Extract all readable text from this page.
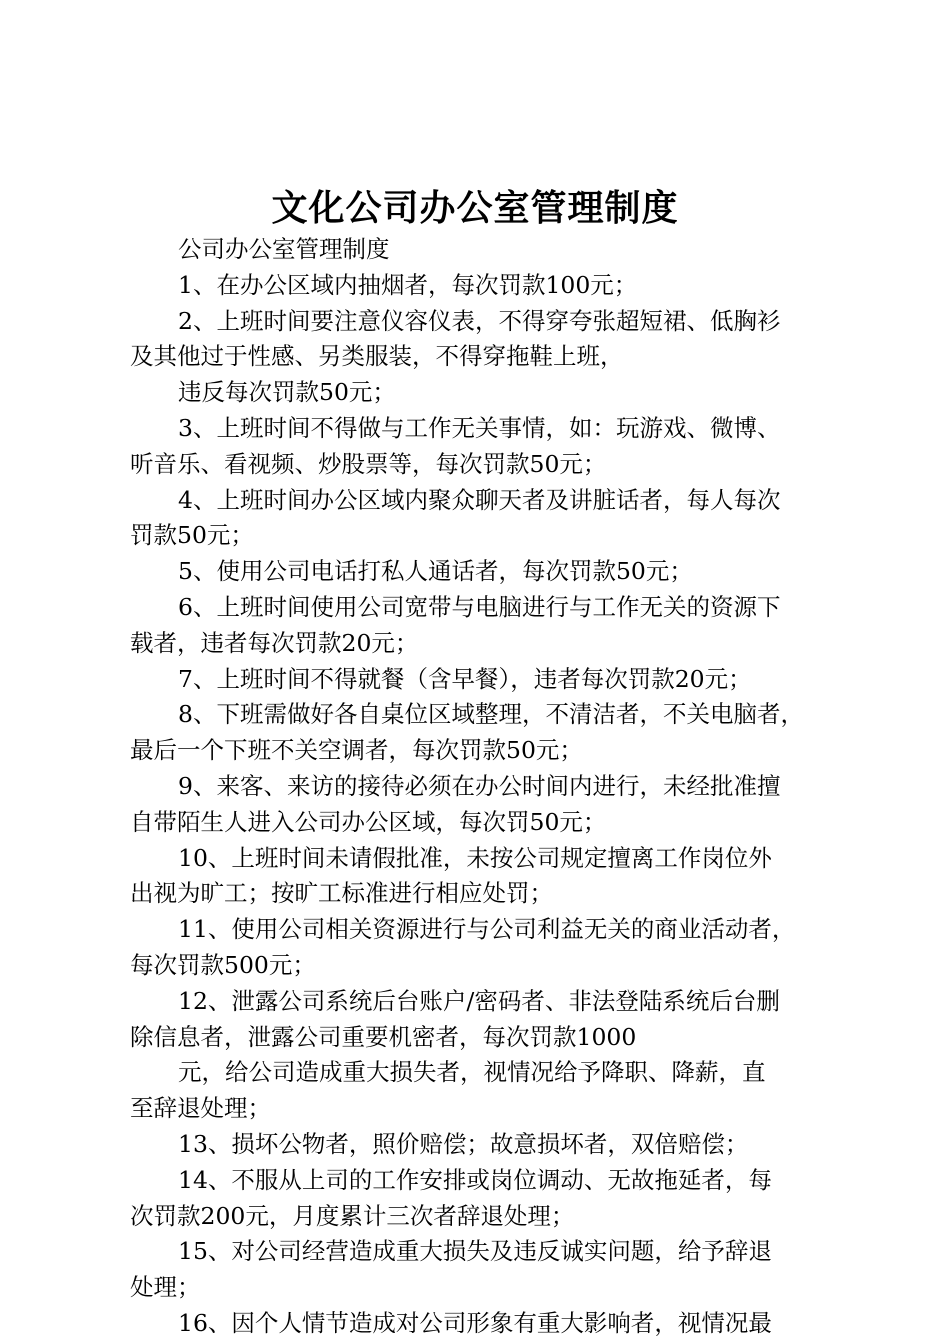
文化公司办公室管理制度
公司办公室管理制度
1、在办公区域内抽烟者，每次罚款100元；
2、上班时间要注意仪容仪表，不得穿夸张超短裙、低胸衫
及其他过于性感、另类服装，不得穿拖鞋上班，
违反每次罚款50元；
3、上班时间不得做与工作无关事情，如：玩游戏、微博、
听音乐、看视频、炒股票等，每次罚款50元；
4、上班时间办公区域内聚众聊天者及讲脏话者，每人每次
罚款50元；
5、使用公司电话打私人通话者，每次罚款50元；
6、上班时间使用公司宽带与电脑进行与工作无关的资源下
载者，违者每次罚款20元；
7、上班时间不得就餐（含早餐），违者每次罚款20元；
8、下班需做好各自桌位区域整理，不清洁者，不关电脑者，
最后一个下班不关空调者，每次罚款50元；
9、来客、来访的接待必须在办公时间内进行，未经批准擅
自带陌生人进入公司办公区域，每次罚50元；
10、上班时间未请假批准，未按公司规定擅离工作岗位外
出视为旷工；按旷工标准进行相应处罚；
11、使用公司相关资源进行与公司利益无关的商业活动者，
每次罚款500元；
12、泄露公司系统后台账户/密码者、非法登陆系统后台删
除信息者，泄露公司重要机密者，每次罚款1000
元，给公司造成重大损失者，视情况给予降职、降薪，直
至辞退处理；
13、损坏公物者，照价赔偿；故意损坏者，双倍赔偿；
14、不服从上司的工作安排或岗位调动、无故拖延者，每
次罚款200元，月度累计三次者辞退处理；
15、对公司经营造成重大损失及违反诚实问题，给予辞退
处理；
16、因个人情节造成对公司形象有重大影响者，视情况最
